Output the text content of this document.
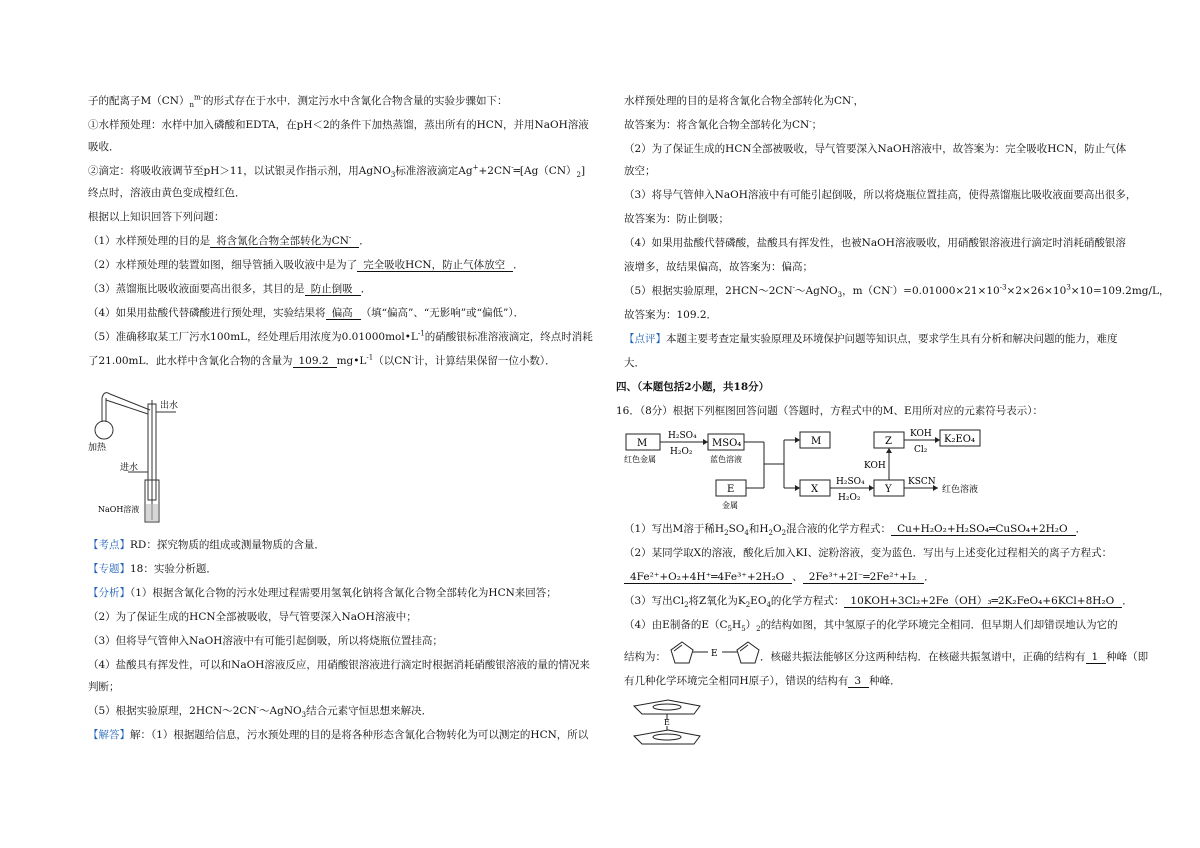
子的配离子$M(CN)_n^{m-}$的形式存在于水中．测定污水中含氰化合物含量的实验步骤如下：
①水样预处理：水样中加入磷酸和EDTA，在pH＜2的条件下加热蒸馏，蒸出所有的HCN，并用NaOH溶液
吸收．
②滴定：将吸收液调节至pH＞11，以试银灵作指示剂，用AgNO$_3$标准溶液滴定$Ag^++2CN^-═[Ag(CN)_2]$
终点时，溶液由黄色变成橙红色．
根据以上知识回答下列问题：
（1）水样预处理的目的是 将含氰化合物全部转化为CN- ．
（2）水样预处理的装置如图，细导管插入吸收液中是为了 完全吸收HCN，防止气体放空 ．
（3）蒸馏瓶比吸收液面要高出很多，其目的是 防止倒吸 ．
（4）如果用盐酸代替磷酸进行预处理，实验结果将 偏高 （填“偏高”、“无影响”或“偏低”）．
（5）准确移取某工厂污水100mL，经处理后用浓度为$0.01000mol•L^{-1}$的硝酸银标准溶液滴定，终点时消耗
了21.00mL．此水样中含氰化合物的含量为 109.2 $mg•L^{-1}$（以CN-计，计算结果保留一位小数）．
加热
出水
进水
NaOH溶液
【考点】RD：探究物质的组成或测量物质的含量．
【专题】18：实验分析题．
【分析】（1）根据含氰化合物的污水处理过程需要用氢氧化钠将含氰化合物全部转化为HCN来回答；
（2）为了保证生成的HCN全部被吸收，导气管要深入NaOH溶液中；
（3）但将导气管伸入NaOH溶液中有可能引起倒吸，所以将烧瓶位置挂高；
（4）盐酸具有挥发性，可以和NaOH溶液反应，用硝酸银溶液进行滴定时根据消耗硝酸银溶液的量的情况来
判断；
（5）根据实验原理，2HCN～2CN-～AgNO$_3$结合元素守恒思想来解决．
【解答】解：（1）根据题给信息，污水预处理的目的是将各种形态含氰化合物转化为可以测定的HCN，所以
水样预处理的目的是将含氰化合物全部转化为CN-，
故答案为：将含氰化合物全部转化为CN-；
（2）为了保证生成的HCN全部被吸收，导气管要深入NaOH溶液中，故答案为：完全吸收HCN，防止气体
放空；
（3）将导气管伸入NaOH溶液中有可能引起倒吸，所以将烧瓶位置挂高，使得蒸馏瓶比吸收液面要高出很多，
故答案为：防止倒吸；
（4）如果用盐酸代替磷酸，盐酸具有挥发性，也被NaOH溶液吸收，用硝酸银溶液进行滴定时消耗硝酸银溶
液增多，故结果偏高，故答案为：偏高；
（5）根据实验原理，2HCN～2CN-～AgNO$_3$，$m(CN^-)=0.01000\times 21\times 10^{-3}\times 2\times 26\times 10^3\times 10=109.2mg/L$，
故答案为：109.2．
【点评】本题主要考查定量实验原理及环境保护问题等知识点，要求学生具有分析和解决问题的能力，难度
大．
四、（本题包括2小题，共18分）
16．（8分）根据下列框图回答问题（答题时，方程式中的M、E用所对应的元素符号表示）：
M
红色金属
H₂SO₄
H₂O₂
MSO₄
蓝色溶液
M
E
金属
X
H₂SO₄
H₂O₂
Y
Z
KOH
Cl₂
K₂EO₄
KOH
KSCN
红色溶液
（1）写出M溶于稀$H_2SO_4$和$H_2O_2$混合液的化学方程式： Cu+H₂O₂+H₂SO₄═CuSO₄+2H₂O ．
（2）某同学取X的溶液，酸化后加入KI、淀粉溶液，变为蓝色．写出与上述变化过程相关的离子方程式：
4Fe²⁺+O₂+4H⁺═4Fe³⁺+2H₂O 、 2Fe³⁺+2I⁻═2Fe²⁺+I₂ ．
（3）写出$Cl_2$将Z氧化为$K_2EO_4$的化学方程式： 10KOH+3Cl₂+2Fe（OH）₃═2K₂FeO₄+6KCl+8H₂O ．
（4）由E制备的$E(C_5H_5)_2$的结构如图，其中氢原子的化学环境完全相同．但早期人们却错误地认为它的
结构为：	．核磁共振法能够区分这两种结构．在核磁共振氢谱中，正确的结构有 1 种峰（即
有几种化学环境完全相同H原子），错误的结构有 3 种峰．
E
E
